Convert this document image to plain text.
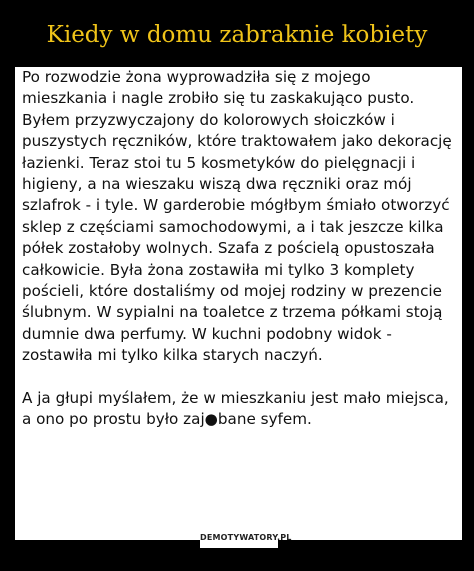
Kiedy w domu zabraknie kobiety

Po rozwodzie żona wyprowadziła się z mojego mieszkania i nagle zrobiło się tu zaskakująco pusto. Byłem przyzwyczajony do kolorowych słoiczków i puszystych ręczników, które traktowałem jako dekorację łazienki. Teraz stoi tu 5 kosmetyków do pielęgnacji i higieny, a na wieszaku wiszą dwa ręczniki oraz mój szlafrok - i tyle. W garderobie mógłbym śmiało otworzyć sklep z częściami samochodowymi, a i tak jeszcze kilka półek zostałoby wolnych. Szafa z pościelą opustoszała całkowicie. Była żona zostawiła mi tylko 3 komplety pościeli, które dostaliśmy od mojej rodziny w prezencie ślubnym. W sypialni na toaletce z trzema półkami stoją dumnie dwa perfumy. W kuchni podobny widok - zostawiła mi tylko kilka starych naczyń.

A ja głupi myślałem, że w mieszkaniu jest mało miejsca, a ono po prostu było zaj●bane syfem.

DEMOTYWATORY.PL
